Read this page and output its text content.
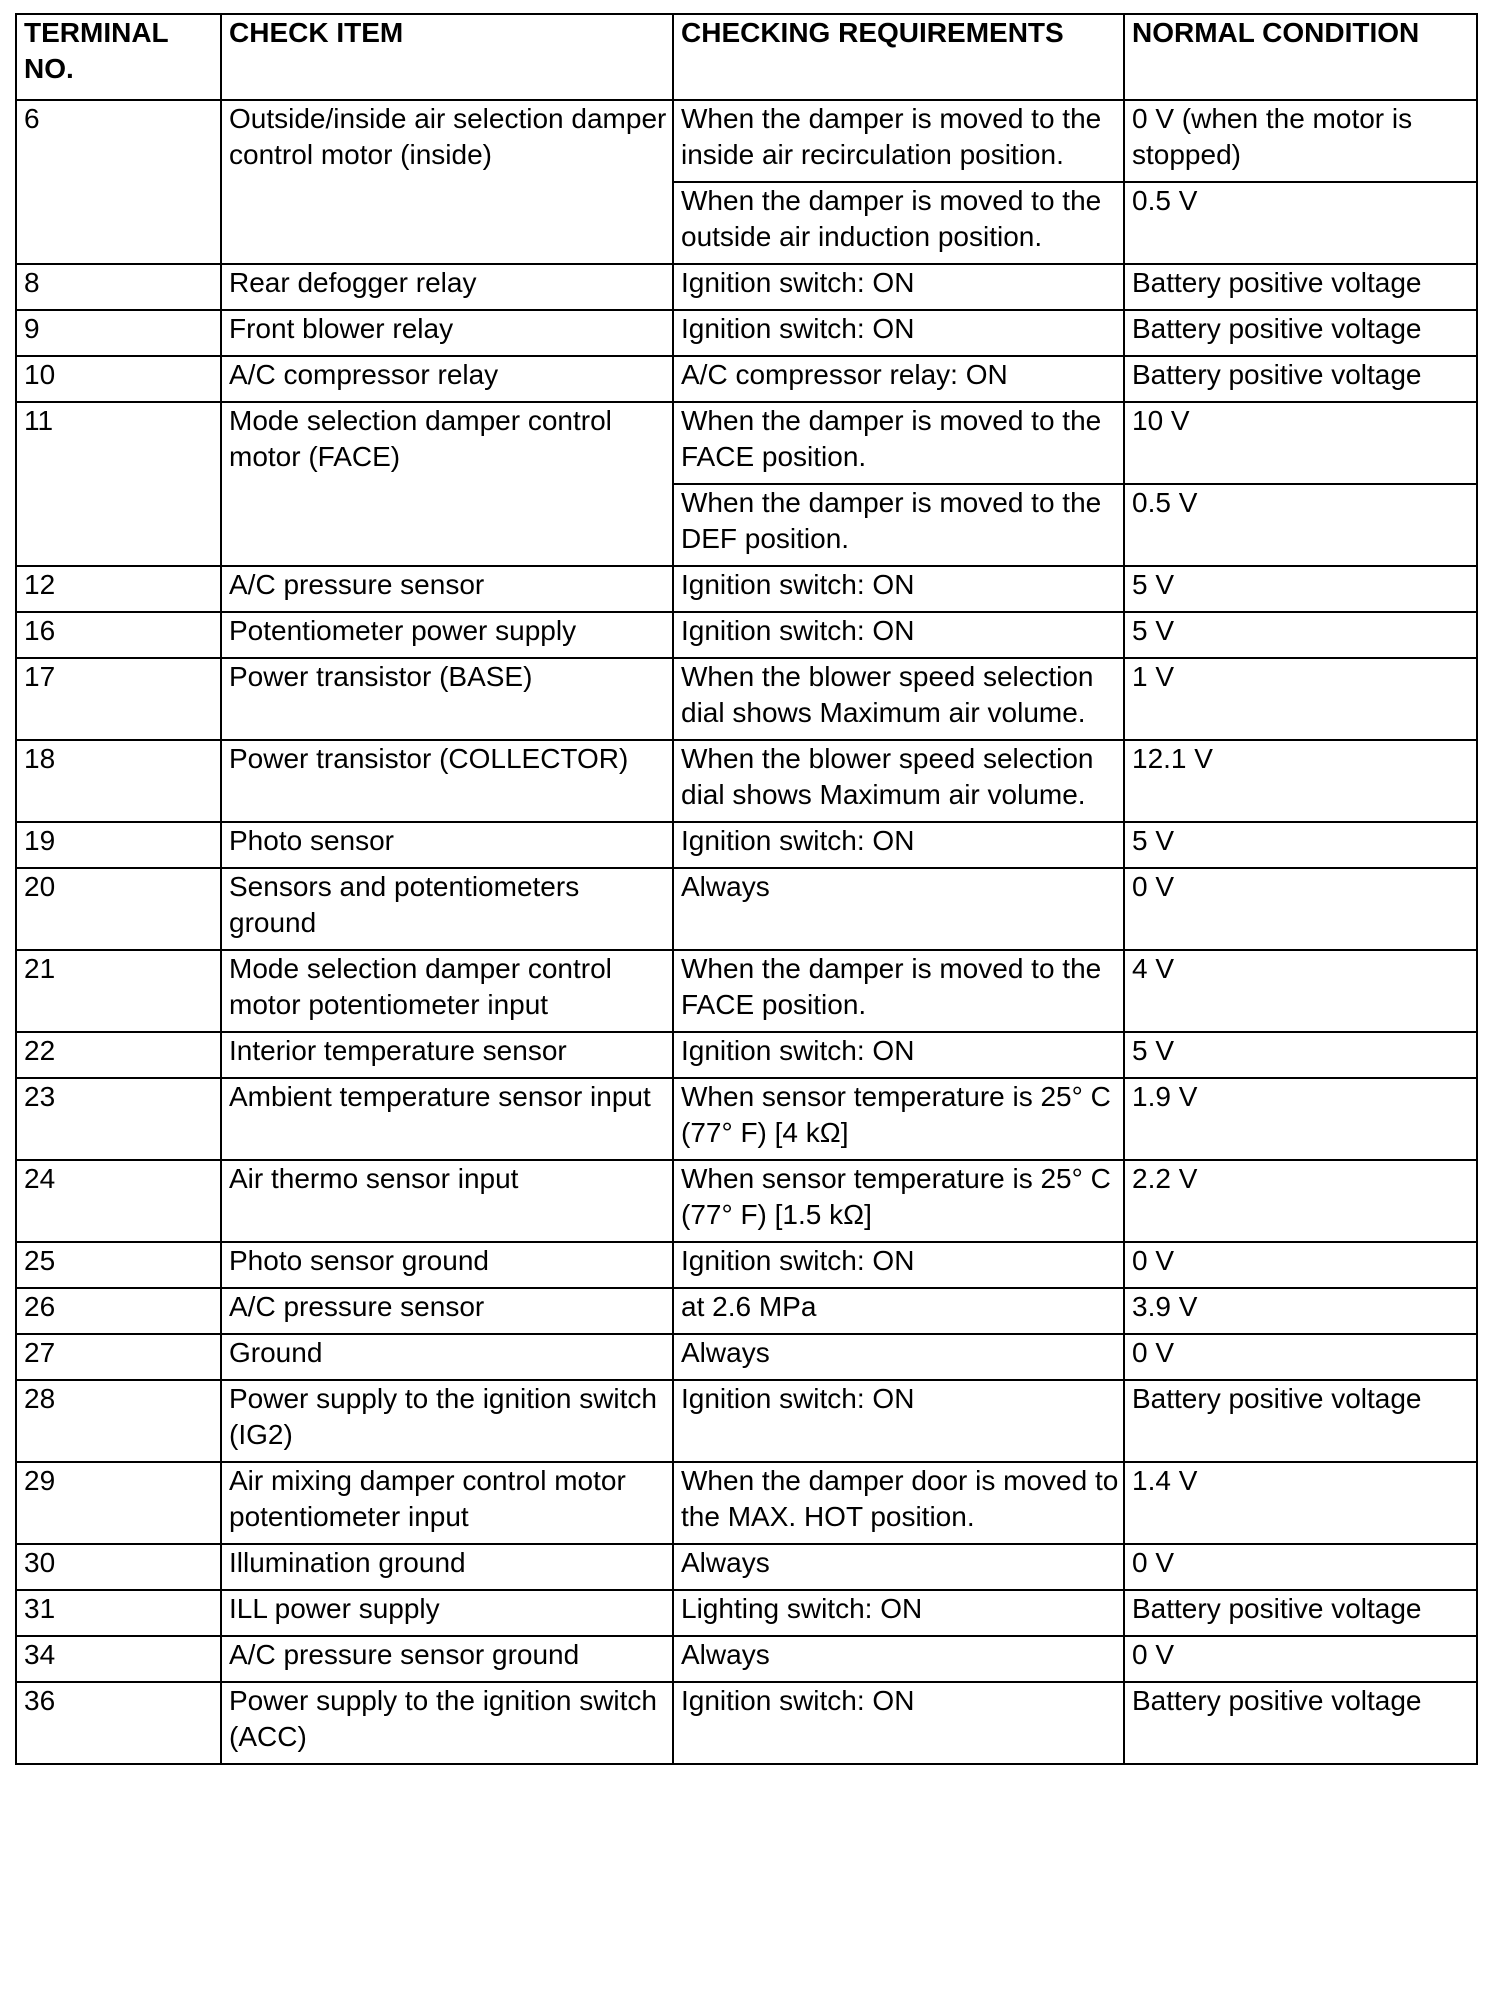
TERMINAL NO.	CHECK ITEM	CHECKING REQUIREMENTS	NORMAL CONDITION
6	Outside/inside air selection damper control motor (inside)	When the damper is moved to the inside air recirculation position.	0 V (when the motor is stopped)
		When the damper is moved to the outside air induction position.	0.5 V
8	Rear defogger relay	Ignition switch: ON	Battery positive voltage
9	Front blower relay	Ignition switch: ON	Battery positive voltage
10	A/C compressor relay	A/C compressor relay: ON	Battery positive voltage
11	Mode selection damper control motor (FACE)	When the damper is moved to the FACE position.	10 V
		When the damper is moved to the DEF position.	0.5 V
12	A/C pressure sensor	Ignition switch: ON	5 V
16	Potentiometer power supply	Ignition switch: ON	5 V
17	Power transistor (BASE)	When the blower speed selection dial shows Maximum air volume.	1 V
18	Power transistor (COLLECTOR)	When the blower speed selection dial shows Maximum air volume.	12.1 V
19	Photo sensor	Ignition switch: ON	5 V
20	Sensors and potentiometers ground	Always	0 V
21	Mode selection damper control motor potentiometer input	When the damper is moved to the FACE position.	4 V
22	Interior temperature sensor	Ignition switch: ON	5 V
23	Ambient temperature sensor input	When sensor temperature is 25° C (77° F) [4 kΩ]	1.9 V
24	Air thermo sensor input	When sensor temperature is 25° C (77° F) [1.5 kΩ]	2.2 V
25	Photo sensor ground	Ignition switch: ON	0 V
26	A/C pressure sensor	at 2.6 MPa	3.9 V
27	Ground	Always	0 V
28	Power supply to the ignition switch (IG2)	Ignition switch: ON	Battery positive voltage
29	Air mixing damper control motor potentiometer input	When the damper door is moved to the MAX. HOT position.	1.4 V
30	Illumination ground	Always	0 V
31	ILL power supply	Lighting switch: ON	Battery positive voltage
34	A/C pressure sensor ground	Always	0 V
36	Power supply to the ignition switch (ACC)	Ignition switch: ON	Battery positive voltage
